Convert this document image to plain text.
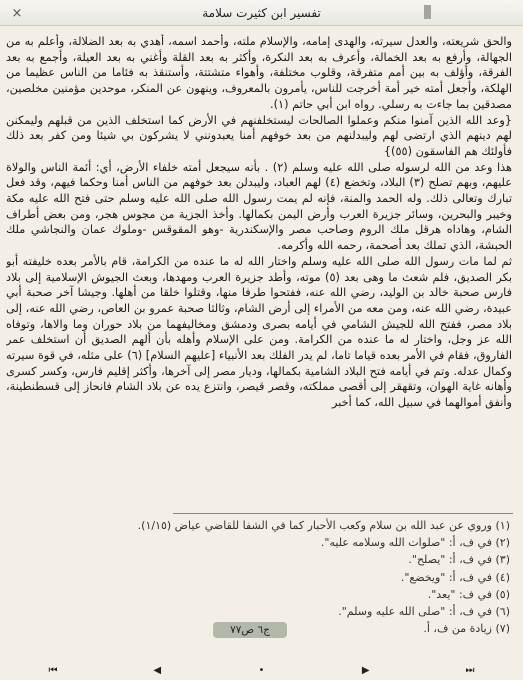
×	تفسير ابن كثيرت سلامة

والحق شريعته، والعدل سيرته، والهدى إمامه، والإسلام ملته، وأحمد اسمه، أهدي به بعد الضلالة، وأعلم به من الجهالة، وأرفع به بعد الخمالة، وأعرف به بعد النكرة، وأكثر به بعد القلة وأغني به بعد العيلة، وأجمع به بعد الفرقة، وأؤلف به بين أمم متفرقة، وقلوب مختلفة، وأهواء متشتتة، وأستنقذ به فئاما من الناس عظيما من الهلكة، وأجعل أمته خير أمة أخرجت للناس، يأمرون بالمعروف، وينهون عن المنكر، موحدين مؤمنين مخلصين، مصدقين بما جاءت به رسلي. رواه ابن أبي حاتم (١).

{وعد الله الذين آمنوا منكم وعملوا الصالحات ليستخلفنهم في الأرض كما استخلف الذين من قبلهم وليمكنن لهم دينهم الذي ارتضى لهم وليبدلنهم من بعد خوفهم أمنا يعبدونني لا يشركون بي شيئا ومن كفر بعد ذلك فأولئك هم الفاسقون (٥٥)}

هذا وعد من الله لرسوله صلى الله عليه وسلم (٢) . بأنه سيجعل أمته خلفاء الأرض، أي: أئمة الناس والولاة عليهم، وبهم تصلح (٣) البلاد، وتخضع (٤) لهم العباد، وليبدلن بعد خوفهم من الناس أمنا وحكما فيهم، وقد فعل تبارك وتعالى ذلك. وله الحمد والمنة، فإنه لم يمت رسول الله صلى الله عليه وسلم حتى فتح الله عليه مكة وخيبر والبحرين، وسائر جزيرة العرب وأرض اليمن بكمالها. وأخذ الجزية من مجوس هجر، ومن بعض أطراف الشام، وهاداه هرقل ملك الروم وصاحب مصر والإسكندرية -وهو المقوقس -وملوك عمان والنجاشي ملك الحبشة، الذي تملك بعد أصحمة، رحمه الله وأكرمه.

ثم لما مات رسول الله صلى الله عليه وسلم واختار الله له ما عنده من الكرامة، قام بالأمر بعده خليفته أبو بكر الصديق، فلم شعث ما وهى بعد (٥) موته، وأطد جزيرة العرب ومهدها، وبعث الجيوش الإسلامية إلى بلاد فارس صحبة خالد بن الوليد، رضي الله عنه، ففتحوا طرفا منها، وقتلوا خلقا من أهلها. وجيشا آخر صحبة أبي عبيدة، رضي الله عنه، ومن معه من الأمراء إلى أرض الشام، وثالثا صحبة عمرو بن العاص، رضي الله عنه، إلى بلاد مصر، ففتح الله للجيش الشامي في أيامه بصرى ودمشق ومخاليفهما من بلاد حوران وما والاها، وتوفاه الله عز وجل، واختار له ما عنده من الكرامة. ومن على الإسلام وأهله بأن ألهم الصديق أن استخلف عمر الفاروق، فقام في الأمر بعده قياما تاما، لم يدر الفلك بعد الأنبياء [عليهم السلام] (٦) على مثله، في قوة سيرته وكمال عدله. وتم في أيامه فتح البلاد الشامية بكمالها، وديار مصر إلى آخرها، وأكثر إقليم فارس، وكسر كسرى وأهانه غاية الهوان، وتقهقر إلى أقصى مملكته، وقصر قيصر، وانتزع يده عن بلاد الشام فانحاز إلى قسطنطينة، وأنفق أموالهما في سبيل الله، كما أخبر

(١) وروي عن عبد الله بن سلام وكعب الأحبار كما في الشفا للقاضي عياض (١/١٥).
(٢) في ف، أ: "صلوات الله وسلامه عليه".
(٣) في ف، أ: "يصلح".
(٤) في ف، أ: "ويخضع".
(٥) في ف: "يعد".
(٦) في ف، أ: "صلى الله عليه وسلم".
(٧) زيادة من ف، أ.
ج٦ ص٧٧
⏮	◀	•	▶	⏭
